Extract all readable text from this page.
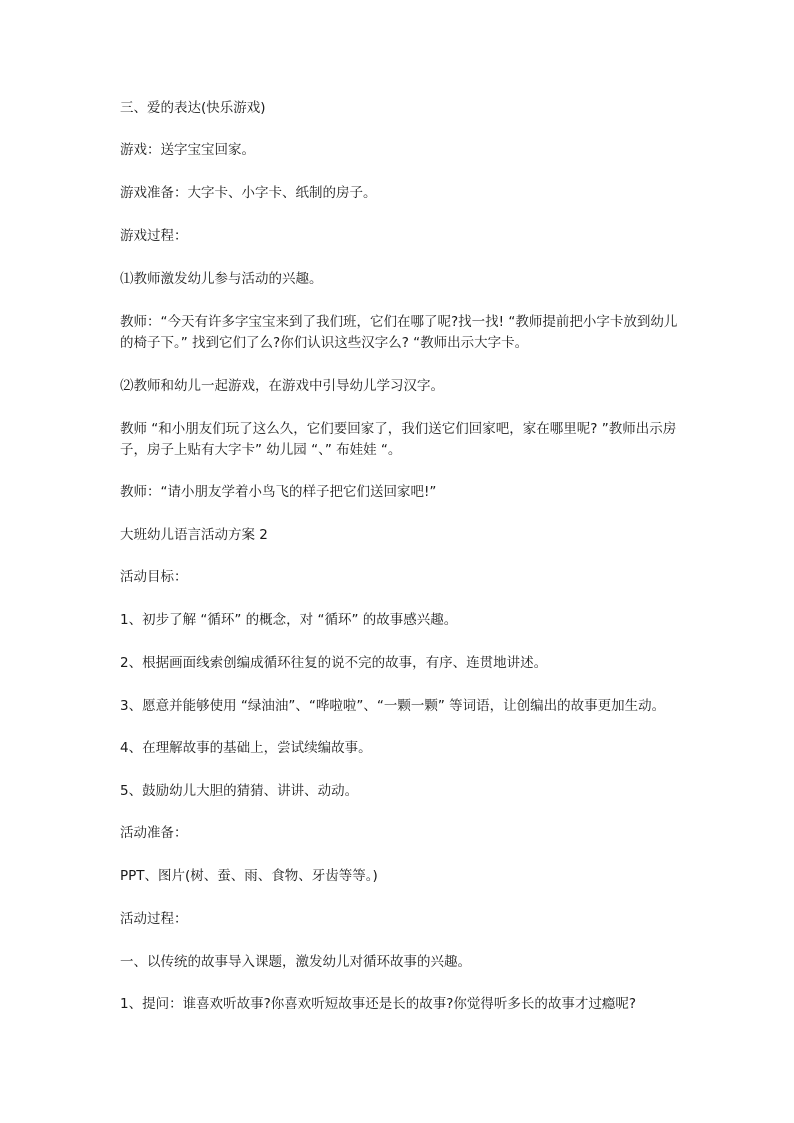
三、爱的表达(快乐游戏)

游戏：送字宝宝回家。

游戏准备：大字卡、小字卡、纸制的房子。

游戏过程：

⑴教师激发幼儿参与活动的兴趣。

教师：“今天有许多字宝宝来到了我们班，它们在哪了呢?找一找! “教师提前把小字卡放到幼儿的椅子下。” 找到它们了么?你们认识这些汉字么? “教师出示大字卡。

⑵教师和幼儿一起游戏，在游戏中引导幼儿学习汉字。

教师 “和小朋友们玩了这么久，它们要回家了，我们送它们回家吧，家在哪里呢? ”教师出示房子，房子上贴有大字卡” 幼儿园 “、” 布娃娃 “。

教师：“请小朋友学着小鸟飞的样子把它们送回家吧!”

大班幼儿语言活动方案 2

活动目标：

1、初步了解 “循环” 的概念，对 “循环” 的故事感兴趣。

2、根据画面线索创编成循环往复的说不完的故事，有序、连贯地讲述。

3、愿意并能够使用 “绿油油”、“哗啦啦”、“一颗一颗” 等词语，让创编出的故事更加生动。

4、在理解故事的基础上，尝试续编故事。

5、鼓励幼儿大胆的猜猜、讲讲、动动。

活动准备：

PPT、图片(树、蚕、雨、食物、牙齿等等。)

活动过程：

一、以传统的故事导入课题，激发幼儿对循环故事的兴趣。

1、提问：谁喜欢听故事?你喜欢听短故事还是长的故事?你觉得听多长的故事才过瘾呢?
